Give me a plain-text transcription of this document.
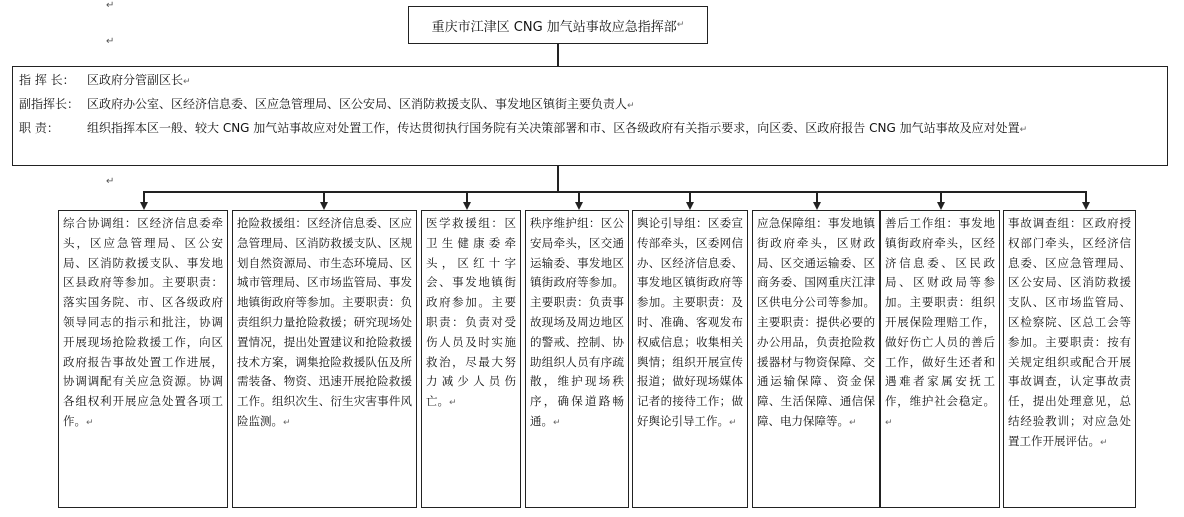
↵
↵
↵
重庆市江津区 CNG 加气站事故应急指挥部 ↵
指 挥 长： 区政府分管副区长↵
副指挥长： 区政府办公室、区经济信息委、区应急管理局、区公安局、区消防救援支队、事发地区镇街主要负责人↵
职 责：	组织指挥本区一般、较大 CNG 加气站事故应对处置工作，传达贯彻执行国务院有关决策部署和市、区各级政府有关指示要求，向区委、区政府报告 CNG 加气站事故及应对处置↵
综合协调组：区经济信息委牵头，区应急管理局、区公安局、区消防救援支队、事发地区县政府等参加。主要职责：落实国务院、市、区各级政府领导同志的指示和批注，协调开展现场抢险救援工作，向区政府报告事故处置工作进展，协调调配有关应急资源。协调各组权利开展应急处置各项工作。↵
抢险救援组：区经济信息委、区应急管理局、区消防救援支队、区规划自然资源局、市生态环境局、区城市管理局、区市场监管局、事发地镇街政府等参加。主要职责：负责组织力量抢险救援；研究现场处置情况，提出处置建议和抢险救援技术方案，调集抢险救援队伍及所需装备、物资、迅速开展抢险救援工作。组织次生、衍生灾害事件风险监测。↵
医学救援组：区卫生健康委牵头，区红十字会、事发地镇街政府参加。主要职责：负责对受伤人员及时实施救治，尽最大努力减少人员伤亡。↵
秩序维护组：区公安局牵头，区交通运输委、事发地区镇街政府等参加。主要职责：负责事故现场及周边地区的警戒、控制、协助组织人员有序疏散，维护现场秩序，确保道路畅通。↵
舆论引导组：区委宣传部牵头，区委网信办、区经济信息委、事发地区镇街政府等参加。主要职责：及时、准确、客观发布权威信息；收集相关舆情；组织开展宣传报道；做好现场媒体记者的接待工作；做好舆论引导工作。↵
应急保障组：事发地镇街政府牵头，区财政局、区交通运输委、区商务委、国网重庆江津区供电分公司等参加。主要职责：提供必要的办公用品，负责抢险救援器材与物资保障、交通运输保障、资金保障、生活保障、通信保障、电力保障等。↵
善后工作组：事发地镇街政府牵头，区经济信息委、区民政局、区财政局等参加。主要职责：组织开展保险理赔工作，做好伤亡人员的善后工作，做好生还者和遇难者家属安抚工作，维护社会稳定。↵
事故调查组：区政府授权部门牵头，区经济信息委、区应急管理局、区公安局、区消防救援支队、区市场监管局、区检察院、区总工会等参加。主要职责：按有关规定组织或配合开展事故调查，认定事故责任，提出处理意见，总结经验教训；对应急处置工作开展评估。↵
